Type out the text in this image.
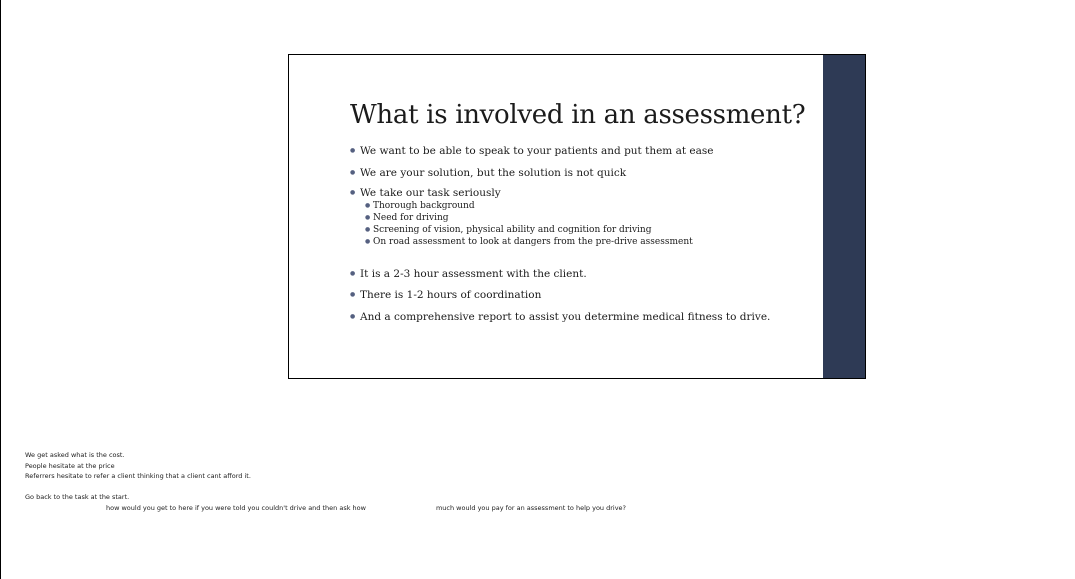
What is involved in an assessment?
● We want to be able to speak to your patients and put them at ease
● We are your solution, but the solution is not quick
● We take our task seriously
● Thorough background
● Need for driving
● Screening of vision, physical ability and cognition for driving
● On road assessment to look at dangers from the pre-drive assessment
● It is a 2-3 hour assessment with the client.
● There is 1-2 hours of coordination
● And a comprehensive report to assist you determine medical fitness to drive.
We get asked what is the cost.
People hesitate at the price
Referrers hesitate to refer a client thinking that a client cant afford it.
Go back to the task at the start.
how would you get to here if you were told you couldn't drive and then ask how	much would you pay for an assessment to help you drive?
